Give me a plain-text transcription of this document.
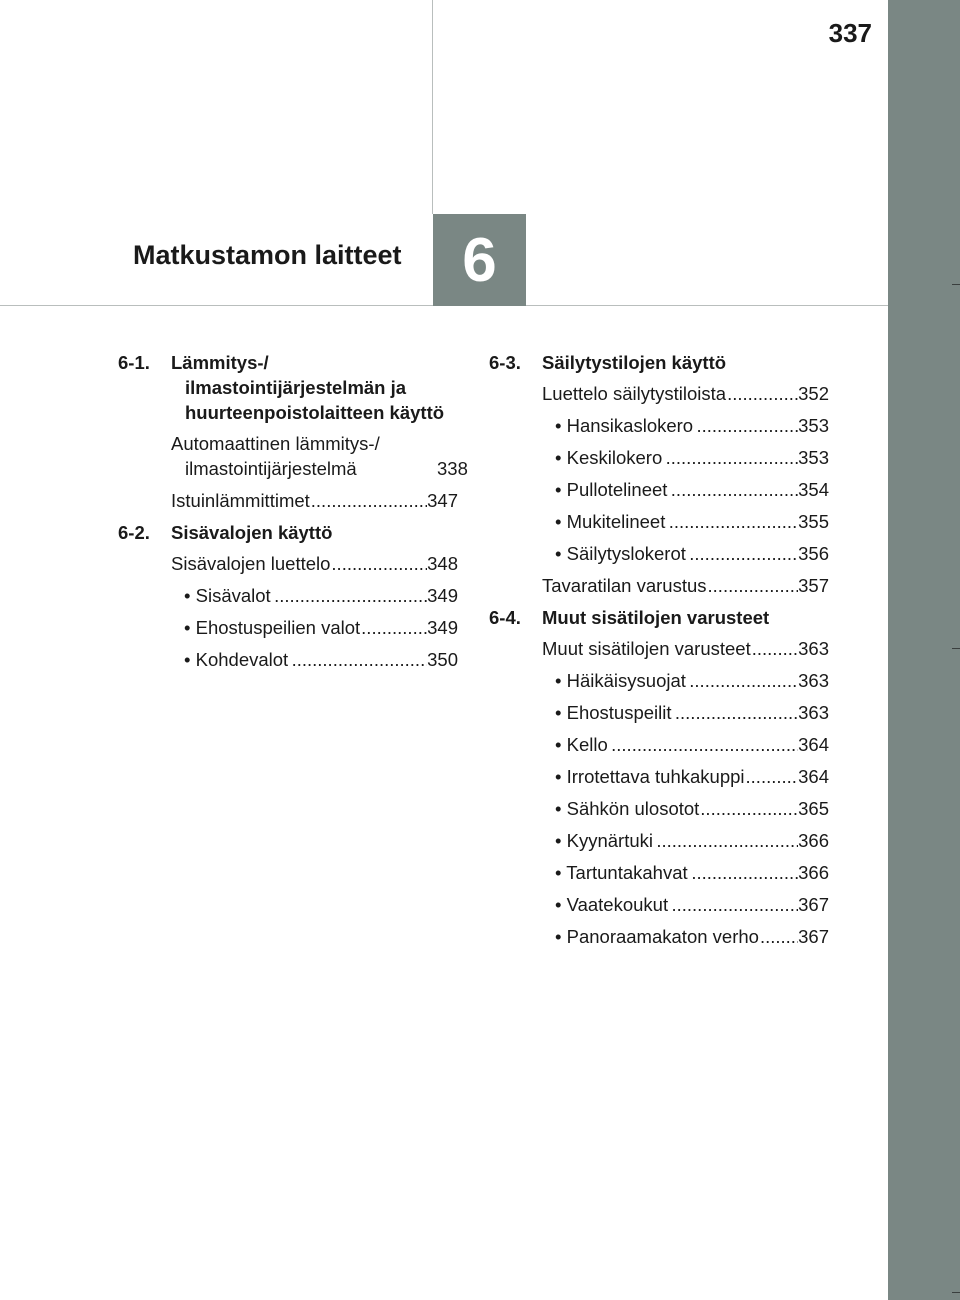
337
Matkustamon laitteet 6
6-1.	Lämmitys-/ ilmastointijärjestelmän ja huurteenpoistolaitteen käyttö
Automaattinen lämmitys-/ ilmastointijärjestelmä .....	338
Istuinlämmittimet .....	347
6-2.	Sisävalojen käyttö
Sisävalojen luettelo .....	348
• Sisävalot .....	349
• Ehostuspeilien valot .....	349
• Kohdevalot .....	350
6-3.	Säilytystilojen käyttö
Luettelo säilytystiloista .....	352
• Hansikaslokero .....	353
• Keskilokero .....	353
• Pullotelineet .....	354
• Mukitelineet .....	355
• Säilytyslokerot .....	356
Tavaratilan varustus .....	357
6-4.	Muut sisätilojen varusteet
Muut sisätilojen varusteet .....	363
• Häikäisysuojat .....	363
• Ehostuspeilit .....	363
• Kello .....	364
• Irrotettava tuhkakuppi .....	364
• Sähkön ulosotot .....	365
• Kyynärtuki .....	366
• Tartuntakahvat .....	366
• Vaatekoukut .....	367
• Panoraamakaton verho ..... 367
